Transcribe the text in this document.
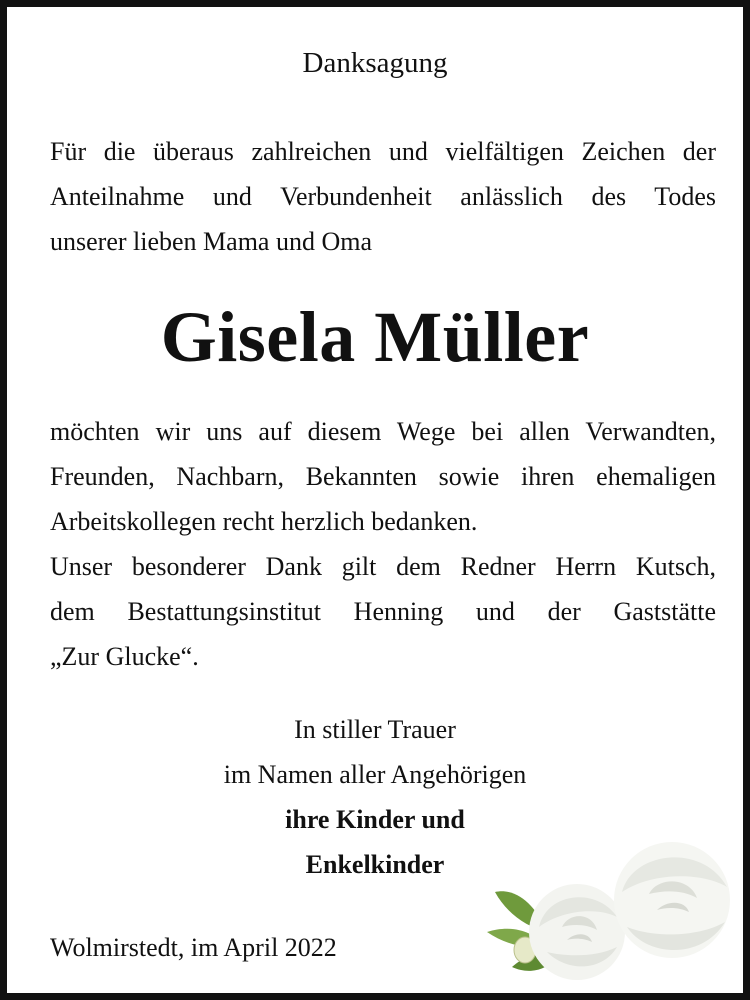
Danksagung
Für die überaus zahlreichen und vielfältigen Zeichen der
Anteilnahme und Verbundenheit anlässlich des Todes
unserer lieben Mama und Oma
Gisela Müller
möchten wir uns auf diesem Wege bei allen Verwandten,
Freunden, Nachbarn, Bekannten sowie ihren ehemaligen
Arbeitskollegen recht herzlich bedanken.
Unser besonderer Dank gilt dem Redner Herrn Kutsch,
dem Bestattungsinstitut Henning und der Gaststätte
„Zur Glucke“.
In stiller Trauer
im Namen aller Angehörigen
ihre Kinder und
Enkelkinder
Wolmirstedt, im April 2022
